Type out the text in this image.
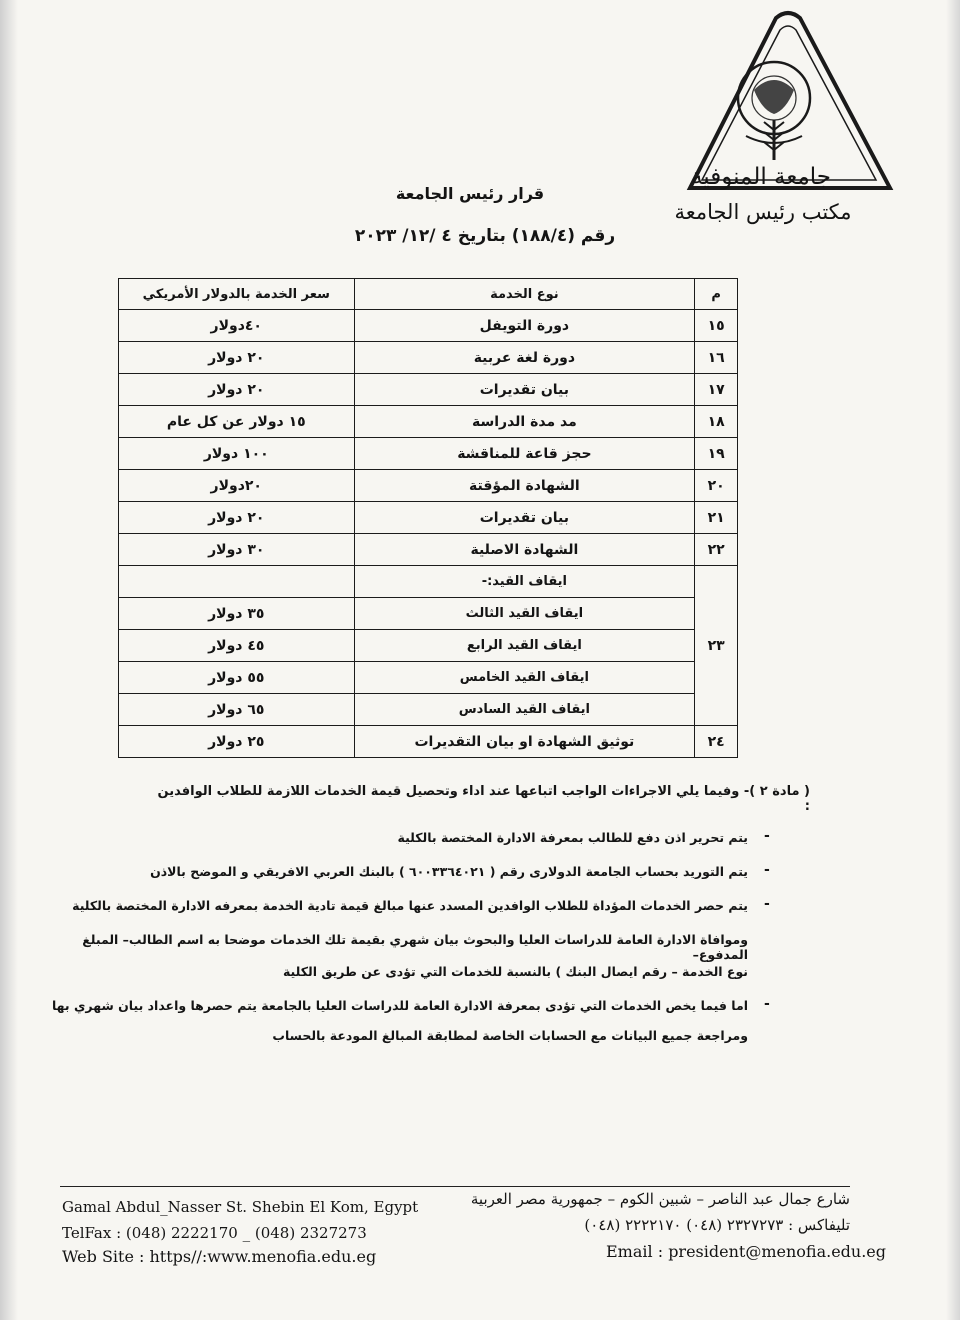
جامعة المنوفية
مكتب رئيس الجامعة
قرار رئيس الجامعة
رقم (١٨٨/٤) بتاريخ ٤ /١٢/ ٢٠٢٣
م	نوع الخدمة	سعر الخدمة بالدولار الأمريكي
١٥	دورة التويفل	٤٠دولار
١٦	دورة لغة عربية	٢٠ دولار
١٧	بيان تقديرات	٢٠ دولار
١٨	مد مدة الدراسة	١٥ دولار عن كل عام
١٩	حجز قاعة للمناقشة	١٠٠ دولار
٢٠	الشهادة المؤقتة	٢٠دولار
٢١	بيان تقديرات	٢٠ دولار
٢٢	الشهادة الاصلية	٣٠ دولار
٢٣	ايقاف القيد:-	
	ايقاف القيد الثالث	٣٥ دولار
	ايقاف القيد الرابع	٤٥ دولار
	ايقاف القيد الخامس	٥٥ دولار
	ايقاف القيد السادس	٦٥ دولار
٢٤	توثيق الشهادة او بيان التقديرات	٢٥ دولار
( مادة ٢ )- وفيما يلي الاجراءات الواجب اتباعها عند اداء وتحصيل قيمة الخدمات اللازمة للطلاب الوافدين :
-
يتم تحرير اذن دفع للطالب بمعرفة الادارة المختصة بالكلية
-
يتم التوريد بحساب الجامعة الدولارى رقم ( ٦٠٠٣٣٦٤٠٢١ ) بالبنك العربي الافريقي و الموضح بالاذن
-
يتم حصر الخدمات المؤداة للطلاب الوافدين المسدد عنها مبالغ قيمة تادية الخدمة بمعرفه الادارة المختصة بالكلية
وموافاة الادارة العامة للدراسات العليا والبحوث بيان شهري بقيمة تلك الخدمات موضحا به اسم الطالب– المبلغ المدفوع–
نوع الخدمة – رقم ايصال البنك ) بالنسبة للخدمات التي تؤدى عن طريق الكلية
-
اما فيما يخص الخدمات التي تؤدى بمعرفة الادارة العامة للدراسات العليا بالجامعة يتم حصرها واعداد بيان شهري بها
ومراجعة جميع البيانات مع الحسابات الخاصة لمطابقة المبالغ المودعة بالحساب
Gamal Abdul_Nasser St. Shebin El Kom, Egypt
TelFax : (048) 2222170 _ (048) 2327273
Web Site : https//:www.menofia.edu.eg
شارع جمال عبد الناصر – شبين الكوم – جمهورية مصر العربية
تليفاكس : ٢٣٢٧٢٧٣ (٠٤٨) ٢٢٢٢١٧٠ (٠٤٨)
Email : president@menofia.edu.eg
